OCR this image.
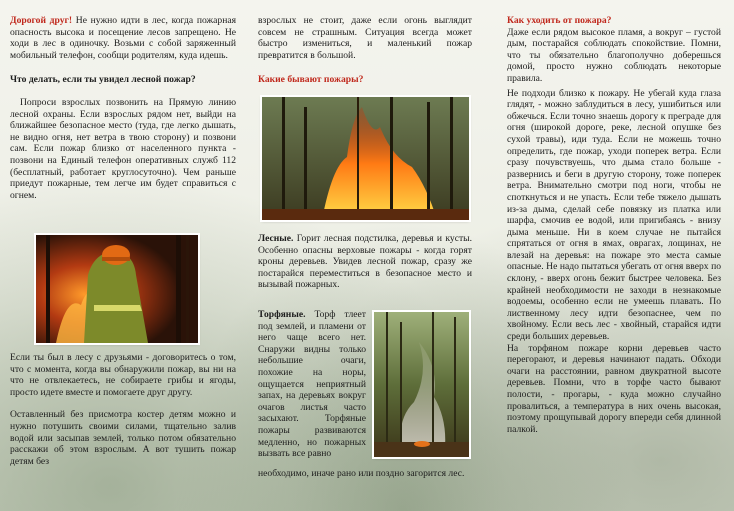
Дорогой друг! Не нужно идти в лес, когда пожарная опасность высока и посещение лесов запрещено. Не ходи в лес в одиночку. Возьми с собой заряженный мобильный телефон, сообщи родителям, куда идешь.

Что делать, если ты увидел лесной пожар?

Попроси взрослых позвонить на Прямую линию лесной охраны. Если взрослых рядом нет, выйди на ближайшее безопасное место (туда, где легко дышать, не видно огня, нет ветра в твою сторону) и позвони сам. Если пожар близко от населенного пункта - позвони на Единый телефон оперативных служб 112 (бесплатный, работает круглосуточно). Чем раньше приедут пожарные, тем легче им будет справиться с огнем.

Если ты был в лесу с друзьями - договоритесь о том, что с момента, когда вы обнаружили пожар, вы ни на что не отвлекаетесь, не собираете грибы и ягоды, просто идете вместе и помогаете друг другу.

Оставленный без присмотра костер детям можно и нужно потушить своими силами, тщательно залив водой или засыпав землей, только потом обязательно расскажи об этом взрослым. А вот тушить пожар детям без

взрослых не стоит, даже если огонь выглядит совсем не страшным. Ситуация всегда может быстро измениться, и маленький пожар превратится в большой.

Какие бывают пожары?

Лесные. Горит лесная подстилка, деревья и кусты. Особенно опасны верховые пожары - когда горят кроны деревьев. Увидев лесной пожар, сразу же постарайся переместиться в безопасное место и вызывай пожарных.

Торфяные. Торф тлеет под землей, и пламени от него чаще всего нет. Снаружи видны только небольшие очаги, похожие на норы, ощущается неприятный запах, на деревьях вокруг очагов листья часто засыхают. Торфяные пожары развиваются медленно, но пожарных вызвать все равно

необходимо, иначе рано или поздно загорится лес.

Как уходить от пожара?

Даже если рядом высокое пламя, а вокруг – густой дым, постарайся соблюдать спокойствие. Помни, что ты обязательно благополучно доберешься домой, просто нужно соблюдать некоторые правила.

Не подходи близко к пожару. Не убегай куда глаза глядят, - можно заблудиться в лесу, ушибиться или обжечься. Если точно знаешь дорогу к преграде для огня (широкой дороге, реке, лесной опушке без сухой травы), иди туда. Если не можешь точно определить, где пожар, уходи поперек ветра. Если сразу почувствуешь, что дыма стало больше - развернись и беги в другую сторону, тоже поперек ветра. Внимательно смотри под ноги, чтобы не споткнуться и не упасть. Если тебе тяжело дышать из-за дыма, сделай себе повязку из платка или шарфа, смочив ее водой, или пригибаясь - внизу дыма меньше. Ни в коем случае не пытайся спрятаться от огня в ямах, оврагах, лощинах, не влезай на деревья: на пожаре это места самые опасные. Не надо пытаться убегать от огня вверх по склону, - вверх огонь бежит быстрее человека. Без крайней необходимости не заходи в незнакомые водоемы, особенно если не умеешь плавать. По лиственному лесу идти безопаснее, чем по хвойному. Если весь лес - хвойный, старайся идти среди больших деревьев.

На торфяном пожаре корни деревьев часто перегорают, и деревья начинают падать. Обходи очаги на расстоянии, равном двукратной высоте деревьев. Помни, что в торфе часто бывают полости, - прогары, - куда можно случайно провалиться, а температура в них очень высокая, поэтому прощупывай дорогу впереди себя длинной палкой.
